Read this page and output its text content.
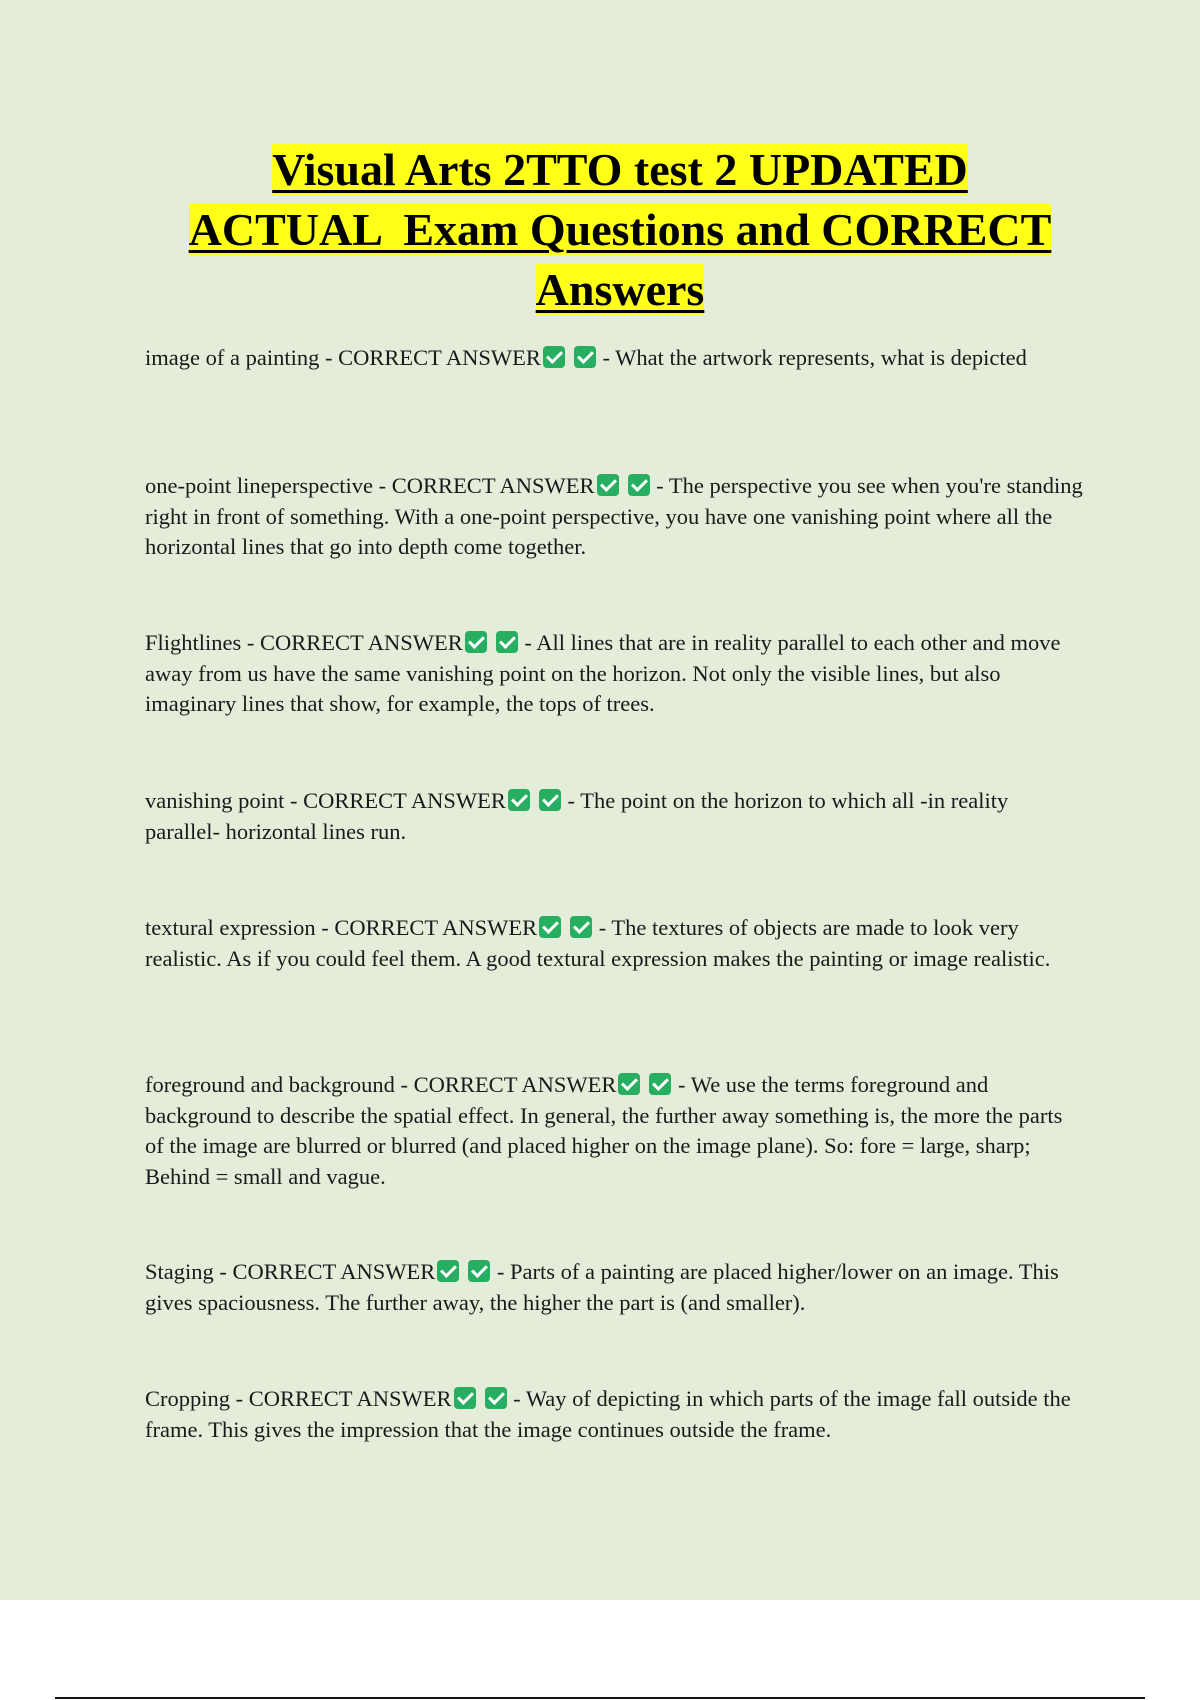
Visual Arts 2TTO test 2 UPDATED
ACTUAL  Exam Questions and CORRECT
Answers

image of a painting - CORRECT ANSWER - What the artwork represents, what is depicted

one-point lineperspective - CORRECT ANSWER - The perspective you see when you're standing right in front of something. With a one-point perspective, you have one vanishing point where all the horizontal lines that go into depth come together.

Flightlines - CORRECT ANSWER - All lines that are in reality parallel to each other and move away from us have the same vanishing point on the horizon. Not only the visible lines, but also imaginary lines that show, for example, the tops of trees.

vanishing point - CORRECT ANSWER - The point on the horizon to which all -in reality parallel- horizontal lines run.

textural expression - CORRECT ANSWER - The textures of objects are made to look very realistic. As if you could feel them. A good textural expression makes the painting or image realistic.

foreground and background - CORRECT ANSWER - We use the terms foreground and background to describe the spatial effect. In general, the further away something is, the more the parts of the image are blurred or blurred (and placed higher on the image plane). So: fore = large, sharp; Behind = small and vague.

Staging - CORRECT ANSWER - Parts of a painting are placed higher/lower on an image. This gives spaciousness. The further away, the higher the part is (and smaller).

Cropping - CORRECT ANSWER - Way of depicting in which parts of the image fall outside the frame. This gives the impression that the image continues outside the frame.
